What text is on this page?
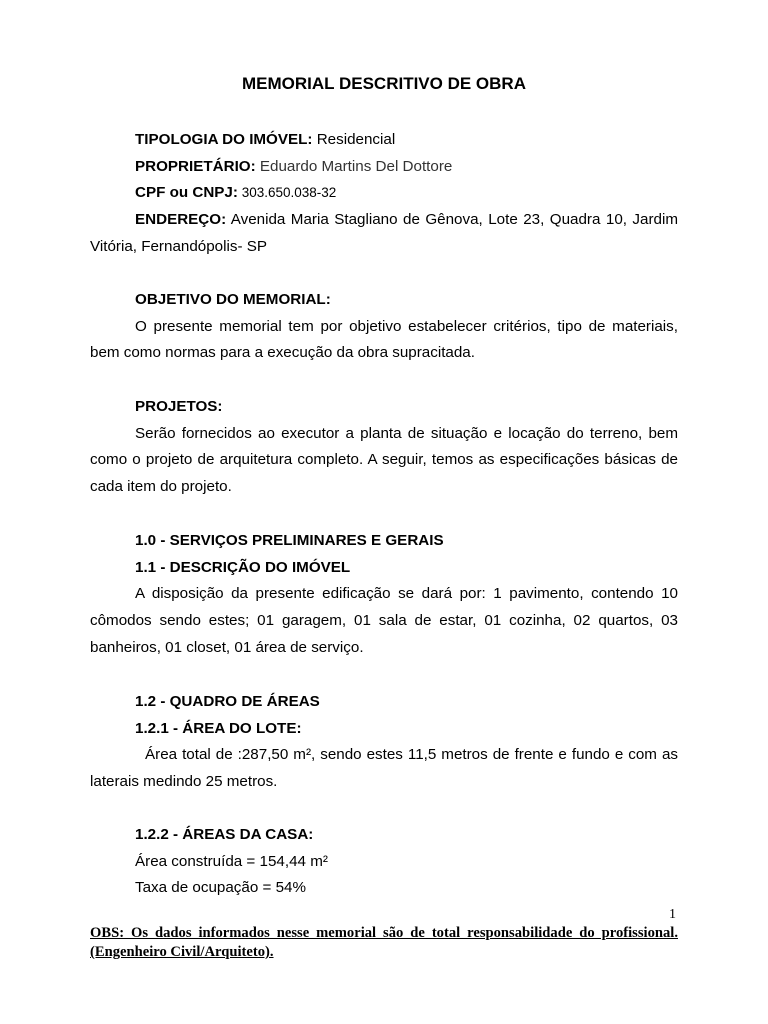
MEMORIAL DESCRITIVO DE OBRA

TIPOLOGIA DO IMÓVEL: Residencial

PROPRIETÁRIO: Eduardo Martins Del Dottore

CPF ou CNPJ: 303.650.038-32

ENDEREÇO: Avenida Maria Stagliano de Gênova, Lote 23, Quadra 10, Jardim Vitória, Fernandópolis- SP

OBJETIVO DO MEMORIAL:

O presente memorial tem por objetivo estabelecer critérios, tipo de materiais, bem como normas para a execução da obra supracitada.

PROJETOS:

Serão fornecidos ao executor a planta de situação e locação do terreno, bem como o projeto de arquitetura completo. A seguir, temos as especificações básicas de cada item do projeto.

1.0 - SERVIÇOS PRELIMINARES E GERAIS

1.1 - DESCRIÇÃO DO IMÓVEL

A disposição da presente edificação se dará por: 1 pavimento, contendo 10 cômodos sendo estes; 01 garagem, 01 sala de estar, 01 cozinha, 02 quartos, 03 banheiros, 01 closet, 01 área de serviço.

1.2 - QUADRO DE ÁREAS

1.2.1 - ÁREA DO LOTE:

Área total de :287,50 m², sendo estes 11,5 metros de frente e fundo e com as laterais medindo 25 metros.

1.2.2 - ÁREAS DA CASA:

Área construída = 154,44 m²

Taxa de ocupação = 54%

1

OBS: Os dados informados nesse memorial são de total responsabilidade do profissional. (Engenheiro Civil/Arquiteto).
